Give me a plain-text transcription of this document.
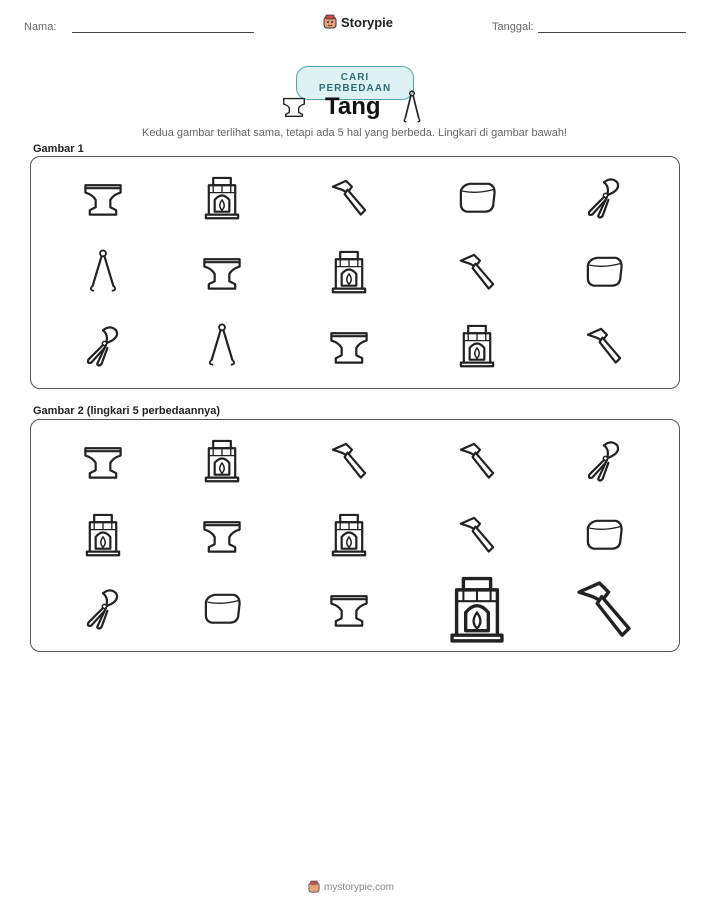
Nama:	Storypie	Tanggal:
CARI PERBEDAAN
Tang
Kedua gambar terlihat sama, tetapi ada 5 hal yang berbeda. Lingkari di gambar bawah!
Gambar 1
Gambar 2 (lingkari 5 perbedaannya)
mystorypie.com
